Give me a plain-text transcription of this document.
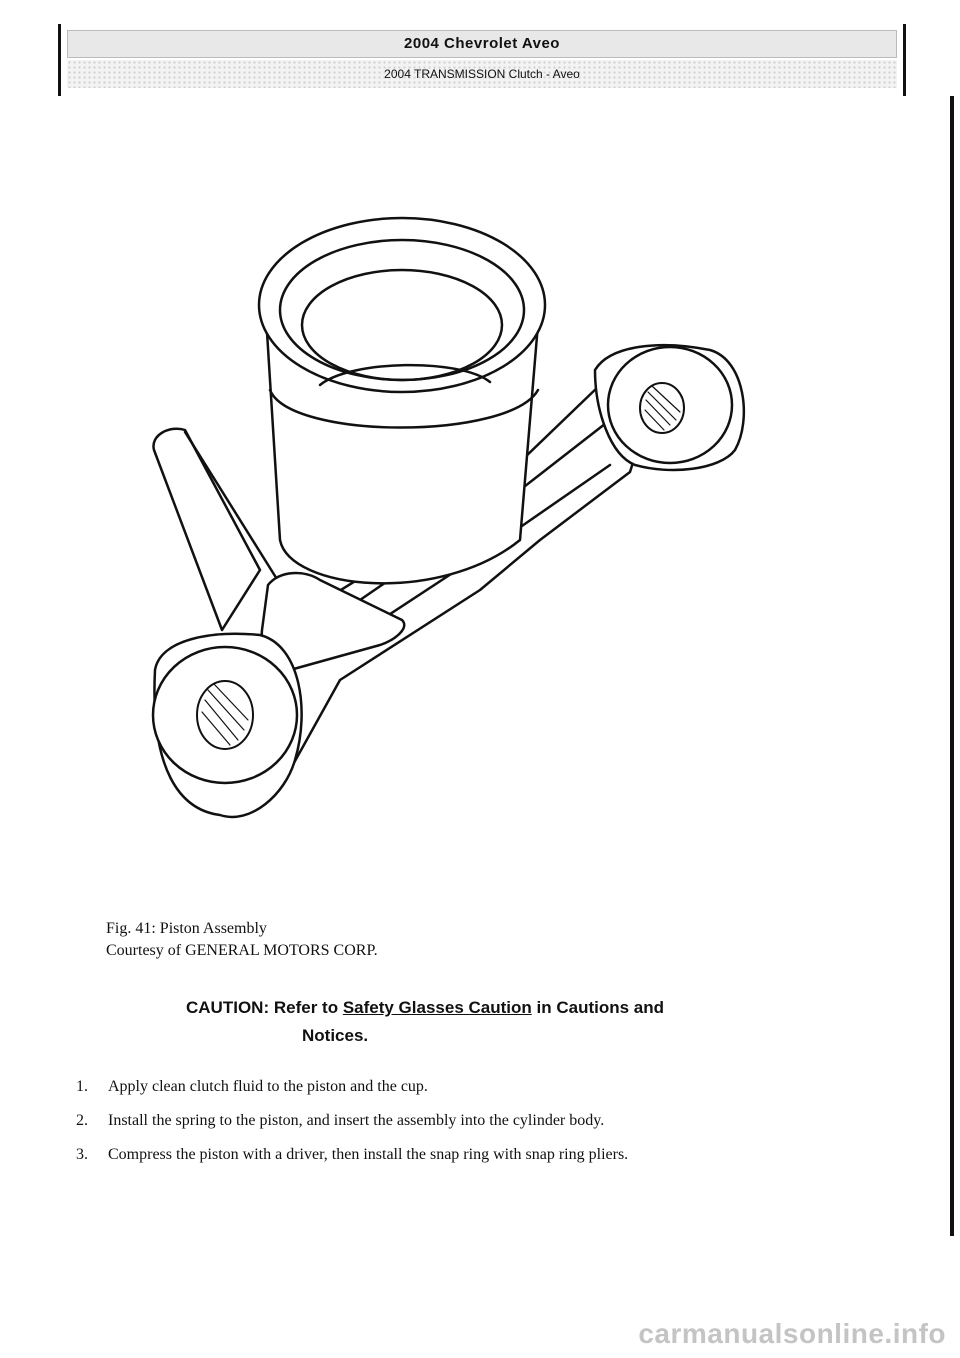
2004 Chevrolet Aveo
2004 TRANSMISSION Clutch - Aveo
Fig. 41: Piston Assembly
Courtesy of GENERAL MOTORS CORP.
CAUTION: Refer to Safety Glasses Caution in Cautions and
Notices.
1. Apply clean clutch fluid to the piston and the cup.
2. Install the spring to the piston, and insert the assembly into the cylinder body.
3. Compress the piston with a driver, then install the snap ring with snap ring pliers.
carmanualsonline.info
